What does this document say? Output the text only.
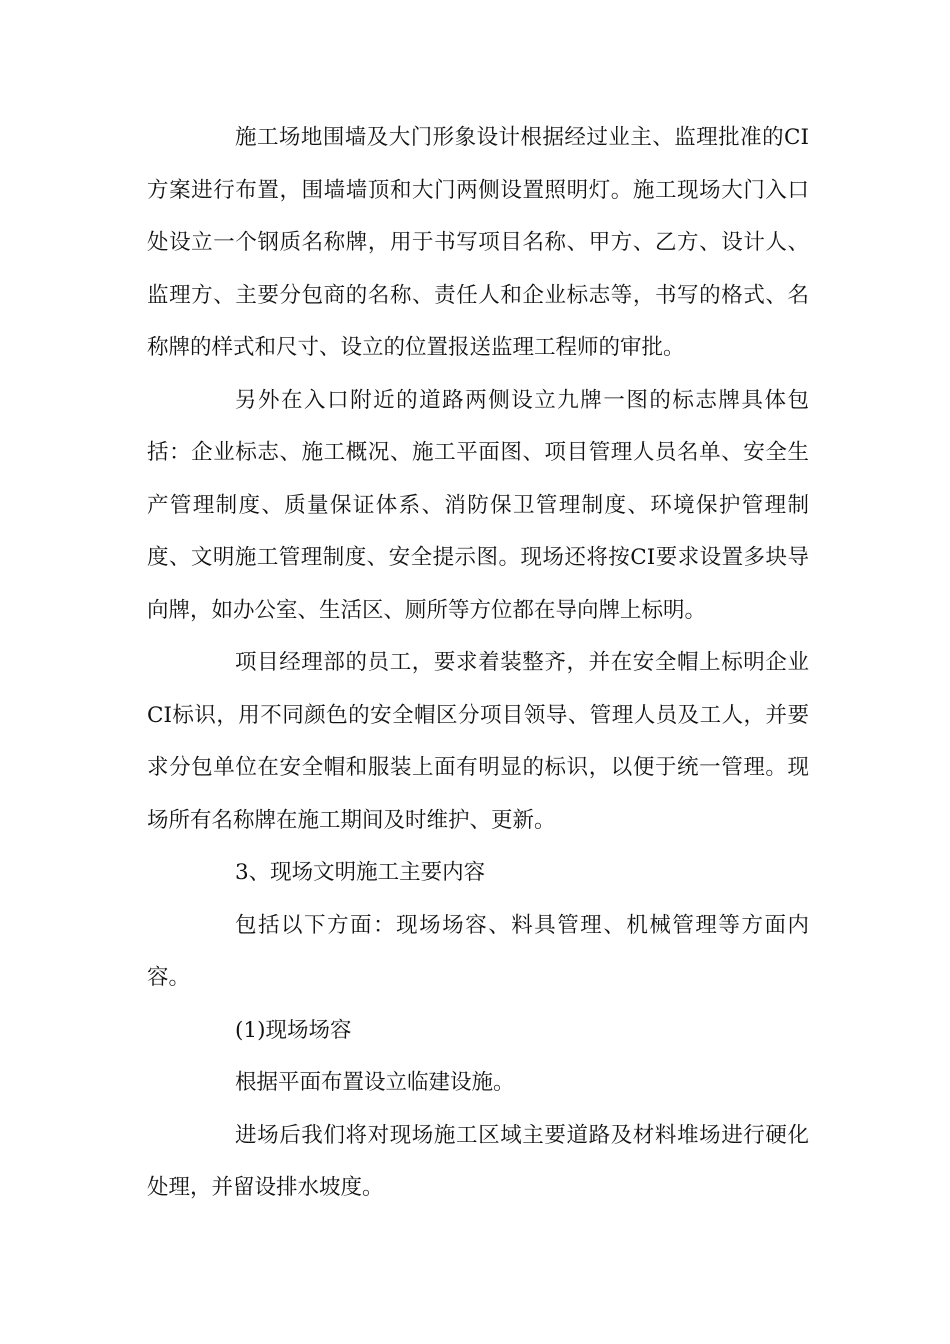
施工场地围墙及大门形象设计根据经过业主、监理批准的CI方案进行布置，围墙墙顶和大门两侧设置照明灯。施工现场大门入口处设立一个钢质名称牌，用于书写项目名称、甲方、乙方、设计人、监理方、主要分包商的名称、责任人和企业标志等，书写的格式、名称牌的样式和尺寸、设立的位置报送监理工程师的审批。

另外在入口附近的道路两侧设立九牌一图的标志牌具体包括：企业标志、施工概况、施工平面图、项目管理人员名单、安全生产管理制度、质量保证体系、消防保卫管理制度、环境保护管理制度、文明施工管理制度、安全提示图。现场还将按CI要求设置多块导向牌，如办公室、生活区、厕所等方位都在导向牌上标明。

项目经理部的员工，要求着装整齐，并在安全帽上标明企业CI标识，用不同颜色的安全帽区分项目领导、管理人员及工人，并要求分包单位在安全帽和服装上面有明显的标识，以便于统一管理。现场所有名称牌在施工期间及时维护、更新。

3、现场文明施工主要内容

包括以下方面：现场场容、料具管理、机械管理等方面内容。

(1)现场场容

根据平面布置设立临建设施。

进场后我们将对现场施工区域主要道路及材料堆场进行硬化处理，并留设排水坡度。
